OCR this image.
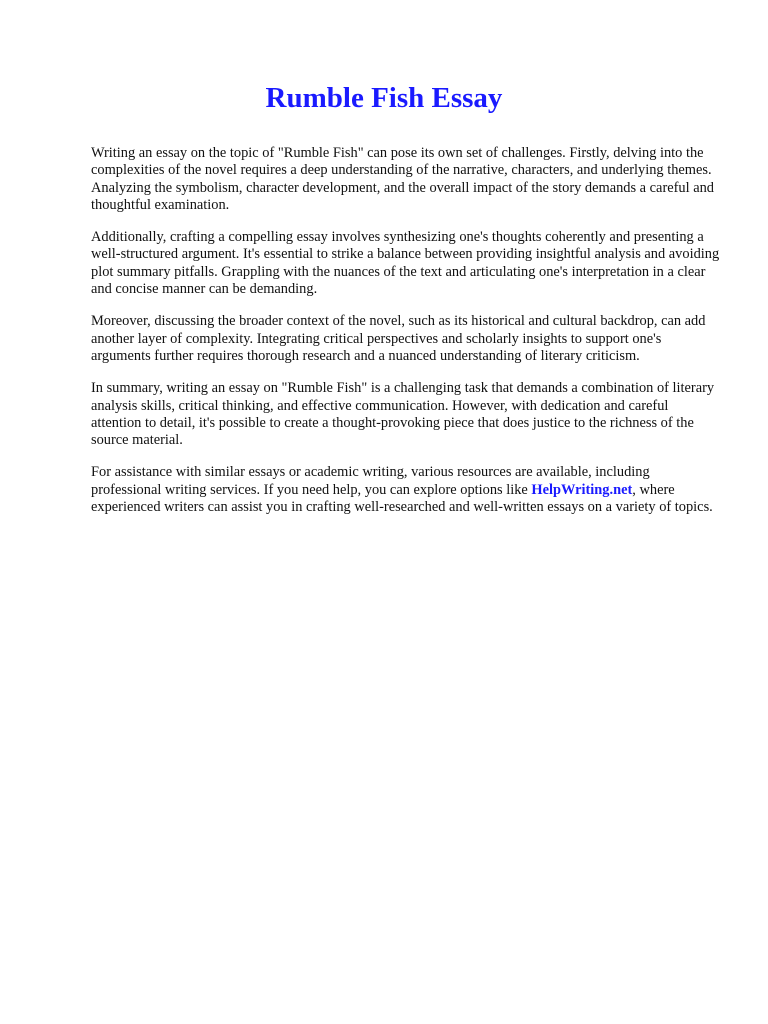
Rumble Fish Essay

Writing an essay on the topic of "Rumble Fish" can pose its own set of challenges. Firstly, delving into the complexities of the novel requires a deep understanding of the narrative, characters, and underlying themes. Analyzing the symbolism, character development, and the overall impact of the story demands a careful and thoughtful examination.

Additionally, crafting a compelling essay involves synthesizing one's thoughts coherently and presenting a well-structured argument. It's essential to strike a balance between providing insightful analysis and avoiding plot summary pitfalls. Grappling with the nuances of the text and articulating one's interpretation in a clear and concise manner can be demanding.

Moreover, discussing the broader context of the novel, such as its historical and cultural backdrop, can add another layer of complexity. Integrating critical perspectives and scholarly insights to support one's arguments further requires thorough research and a nuanced understanding of literary criticism.

In summary, writing an essay on "Rumble Fish" is a challenging task that demands a combination of literary analysis skills, critical thinking, and effective communication. However, with dedication and careful attention to detail, it's possible to create a thought-provoking piece that does justice to the richness of the source material.

For assistance with similar essays or academic writing, various resources are available, including professional writing services. If you need help, you can explore options like HelpWriting.net, where experienced writers can assist you in crafting well-researched and well-written essays on a variety of topics.
